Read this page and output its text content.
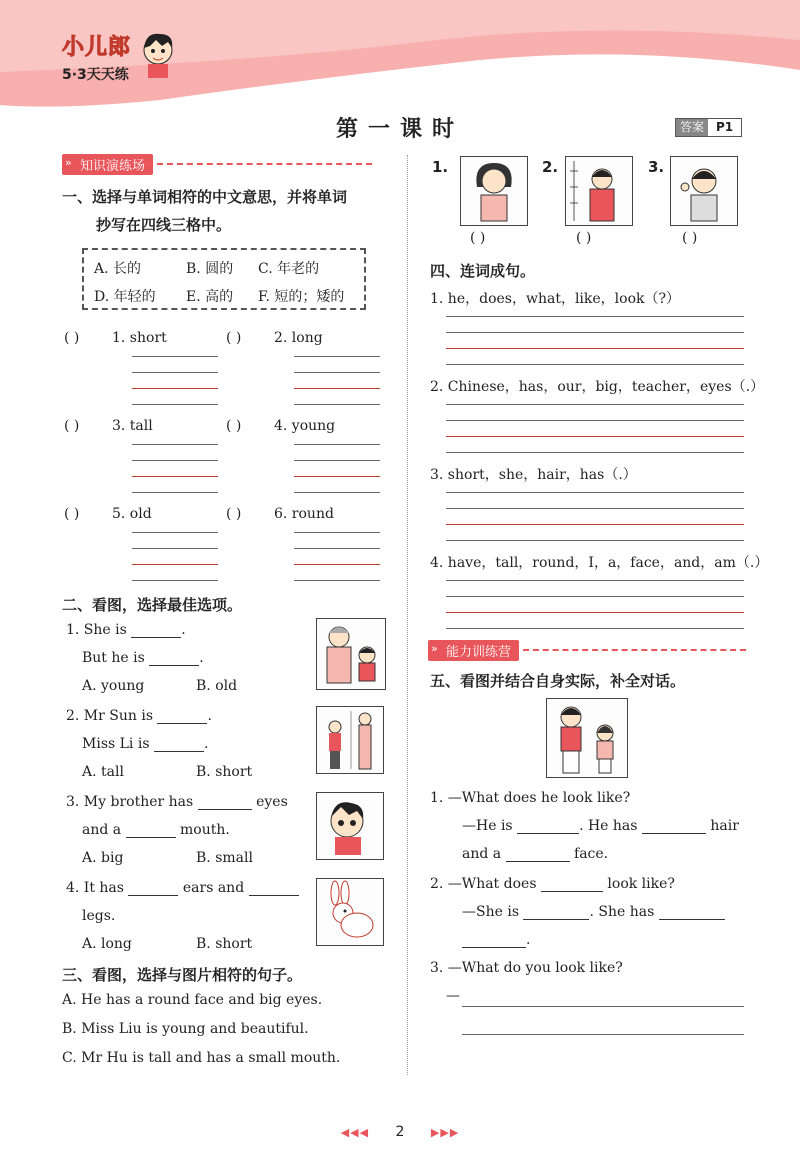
小儿郎
5·3天天练
第一课时	答案	P1
» 知识演练场
一、选择与单词相符的中文意思，并将单词
抄写在四线三格中。
A. 长的	B. 圆的 C. 年老的
D. 年轻的 E. 高的 F. 短的；矮的
( ) 1. short	( ) 2. long
( ) 3. tall	( ) 4. young
( ) 5. old	( ) 6. round
二、看图，选择最佳选项。
1. She is	.
But he is	.
A. young	B. old
2. Mr Sun is	.
Miss Li is	.
A. tall	B. short
3. My brother has	eyes
and a	mouth.
A. big	B. small
4. It has	ears and
legs.
A. long	B. short
三、看图，选择与图片相符的句子。
A. He has a round face and big eyes.
B. Miss Liu is young and beautiful.
C. Mr Hu is tall and has a small mouth.
1.	2.	3.
( )	( )	( )
四、连词成句。
1. he，does，what，like，look（?）
2. Chinese，has，our，big，teacher，eyes（.）
3. short，she，hair，has（.）
4. have，tall，round，I，a，face，and，am（.）
» 能力训练营
五、看图并结合自身实际，补全对话。
1. —What does he look like?
—He is	. He has	hair
and a	face.
2. —What does	look like?
—She is	. She has
.
3. —What do you look like?
—
◀◀◀ 2 ▶▶▶
